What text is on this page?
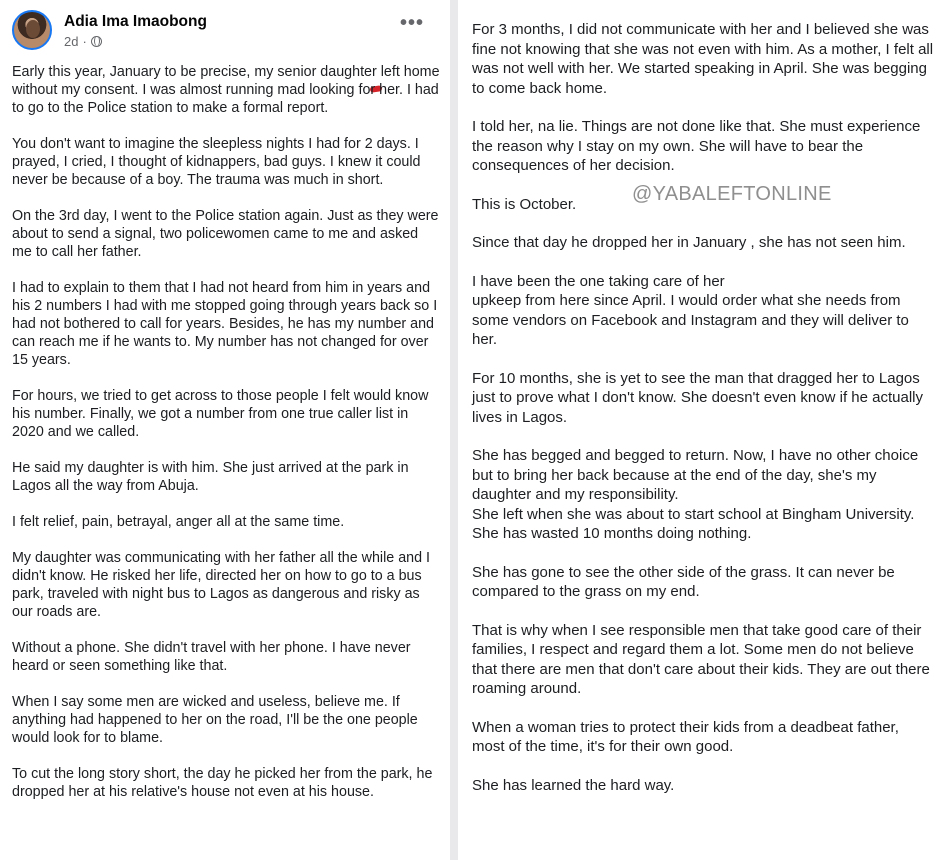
Adia Ima Imaobong
2d ·
•••

Early this year, January to be precise, my senior daughter left home without my consent. I was almost running mad looking for her. I had to go to the Police station to make a formal report.

You don't want to imagine the sleepless nights I had for 2 days. I prayed, I cried, I thought of kidnappers, bad guys. I knew it could never be because of a boy. The trauma was much in short.

On the 3rd day, I went to the Police station again. Just as they were about to send a signal, two policewomen came to me and asked me to call her father.

I had to explain to them that I had not heard from him in years and his 2 numbers I had with me stopped going through years back so I had not bothered to call for years. Besides, he has my number and can reach me if he wants to. My number has not changed for over 15 years.

For hours, we tried to get across to those people I felt would know his number. Finally, we got a number from one true caller list in 2020 and we called.

He said my daughter is with him. She just arrived at the park in Lagos all the way from Abuja.

I felt relief, pain, betrayal, anger all at the same time.

My daughter was communicating with her father all the while and I didn't know. He risked her life, directed her on how to go to a bus park, traveled with night bus to Lagos as dangerous and risky as our roads are.

Without a phone. She didn't travel with her phone. I have never heard or seen something like that.

When I say some men are wicked and useless, believe me. If anything had happened to her on the road, I'll be the one people would look for to blame.

To cut the long story short, the day he picked her from the park, he dropped her at his relative's house not even at his house.

For 3 months, I did not communicate with her and I believed she was fine not knowing that she was not even with him. As a mother, I felt all was not well with her. We started speaking in April. She was begging to come back home.

I told her, na lie. Things are not done like that. She must experience the reason why I stay on my own. She will have to bear the consequences of her decision.

This is October.

Since that day he dropped her in January , she has not seen him.

I have been the one taking care of her
upkeep from here since April. I would order what she needs from some vendors on Facebook and Instagram and they will deliver to her.

For 10 months, she is yet to see the man that dragged her to Lagos just to prove what I don't know. She doesn't even know if he actually lives in Lagos.

She has begged and begged to return. Now, I have no other choice but to bring her back because at the end of the day, she's my
daughter and my responsibility.
She left when she was about to start school at Bingham University. She has wasted 10 months doing nothing.

She has gone to see the other side of the grass. It can never be compared to the grass on my end.

That is why when I see responsible men that take good care of their families, I respect and regard them a lot. Some men do not believe that there are men that don't care about their kids. They are out there roaming around.

When a woman tries to protect their kids from a deadbeat father, most of the time, it's for their own good.

She has learned the hard way.

@YABALEFTONLINE
